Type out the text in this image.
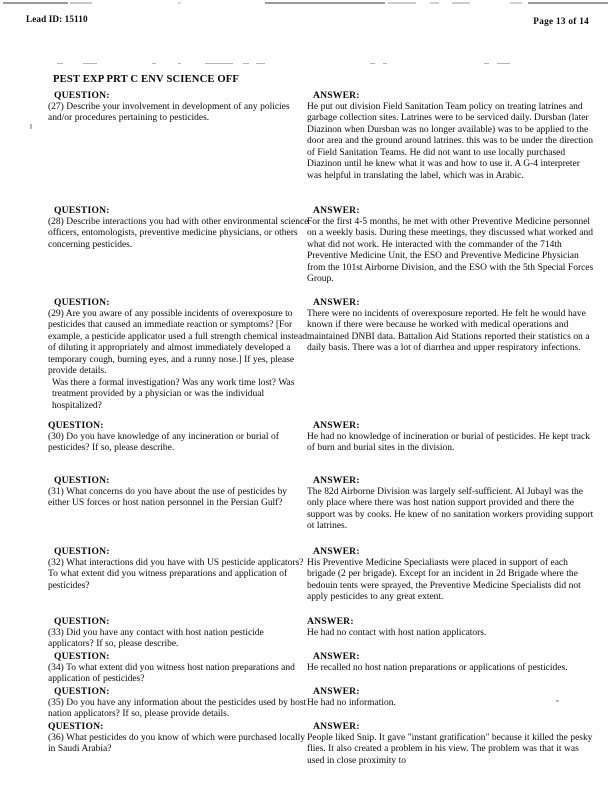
Lead ID: 15110	Page 13 of 14
PEST EXP PRT C ENV SCIENCE OFF
QUESTION:
(27) Describe your involvement in development of any policies and/or procedures pertaining to pesticides.
QUESTION:
(28) Describe interactions you had with other environmental science officers, entomologists, preventive medicine physicians, or others concerning pesticides.
QUESTION:
(29) Are you aware of any possible incidents of overexposure to pesticides that caused an immediate reaction or symptoms? [For example, a pesticide applicator used a full strength chemical instead of diluting it appropriately and almost immediately developed a temporary cough, burning eyes, and a runny nose.] If yes, please provide details.
Was there a formal investigation? Was any work time lost? Was treatment provided by a physician or was the individual hospitalized?
QUESTION:
(30) Do you have knowledge of any incineration or burial of pesticides? If so, please describe.
QUESTION:
(31) What concerns do you have about the use of pesticides by either US forces or host nation personnel in the Persian Gulf?
QUESTION:
(32) What interactions did you have with US pesticide applicators? To what extent did you witness preparations and application of pesticides?
QUESTION:
(33) Did you have any contact with host nation pesticide applicators? If so, please describe.
QUESTION:
(34) To what extent did you witness host nation preparations and application of pesticides?
QUESTION:
(35) Do you have any information about the pesticides used by host nation applicators? If so, please provide details.
QUESTION:
(36) What pesticides do you know of which were purchased locally in Saudi Arabia?
ANSWER:
He put out division Field Sanitation Team policy on treating latrines and garbage collection sites. Latrines were to be serviced daily. Dursban (later Diazinon when Dursban was no longer available) was to be applied to the door area and the ground around latrines. this was to be under the direction of Field Sanitation Teams. He did not want to use locally purchased Diazinon until he knew what it was and how to use it. A G-4 interpreter was helpful in translating the label, which was in Arabic.
ANSWER:
For the first 4-5 months, he met with other Preventive Medicine personnel on a weekly basis. During these meetings, they discussed what worked and what did not work. He interacted with the commander of the 714th Preventive Medicine Unit, the ESO and Preventive Medicine Physician from the 101st Airborne Division, and the ESO with the 5th Special Forces Group.
ANSWER:
There were no incidents of overexposure reported. He felt he would have known if there were because he worked with medical operations and maintained DNBI data. Battalion Aid Stations reported their statistics on a daily basis. There was a lot of diarrhea and upper respiratory infections.
ANSWER:
He had no knowledge of incineration or burial of pesticides. He kept track of burn and burial sites in the division.
ANSWER:
The 82d Airborne Division was largely self-sufficient. Al Jubayl was the only place where there was host nation support provided and there the support was by cooks. He knew of no sanitation workers providing support ot latrines.
ANSWER:
His Preventive Medicine Specialiasts were placed in support of each brigade (2 per brigade). Except for an incident in 2d Brigade where the bedouin tents were sprayed, the Preventive Medicine Specialists did not apply pesticides to any great extent.
ANSWER:
He had no contact with host nation applicators.
ANSWER:
He recalled no host nation preparations or applications of pesticides.
ANSWER:
He had no information.
ANSWER:
People liked Snip. It gave "instant gratification" because it killed the pesky flies. It also created a problem in his view. The problem was that it was used in close proximity to
